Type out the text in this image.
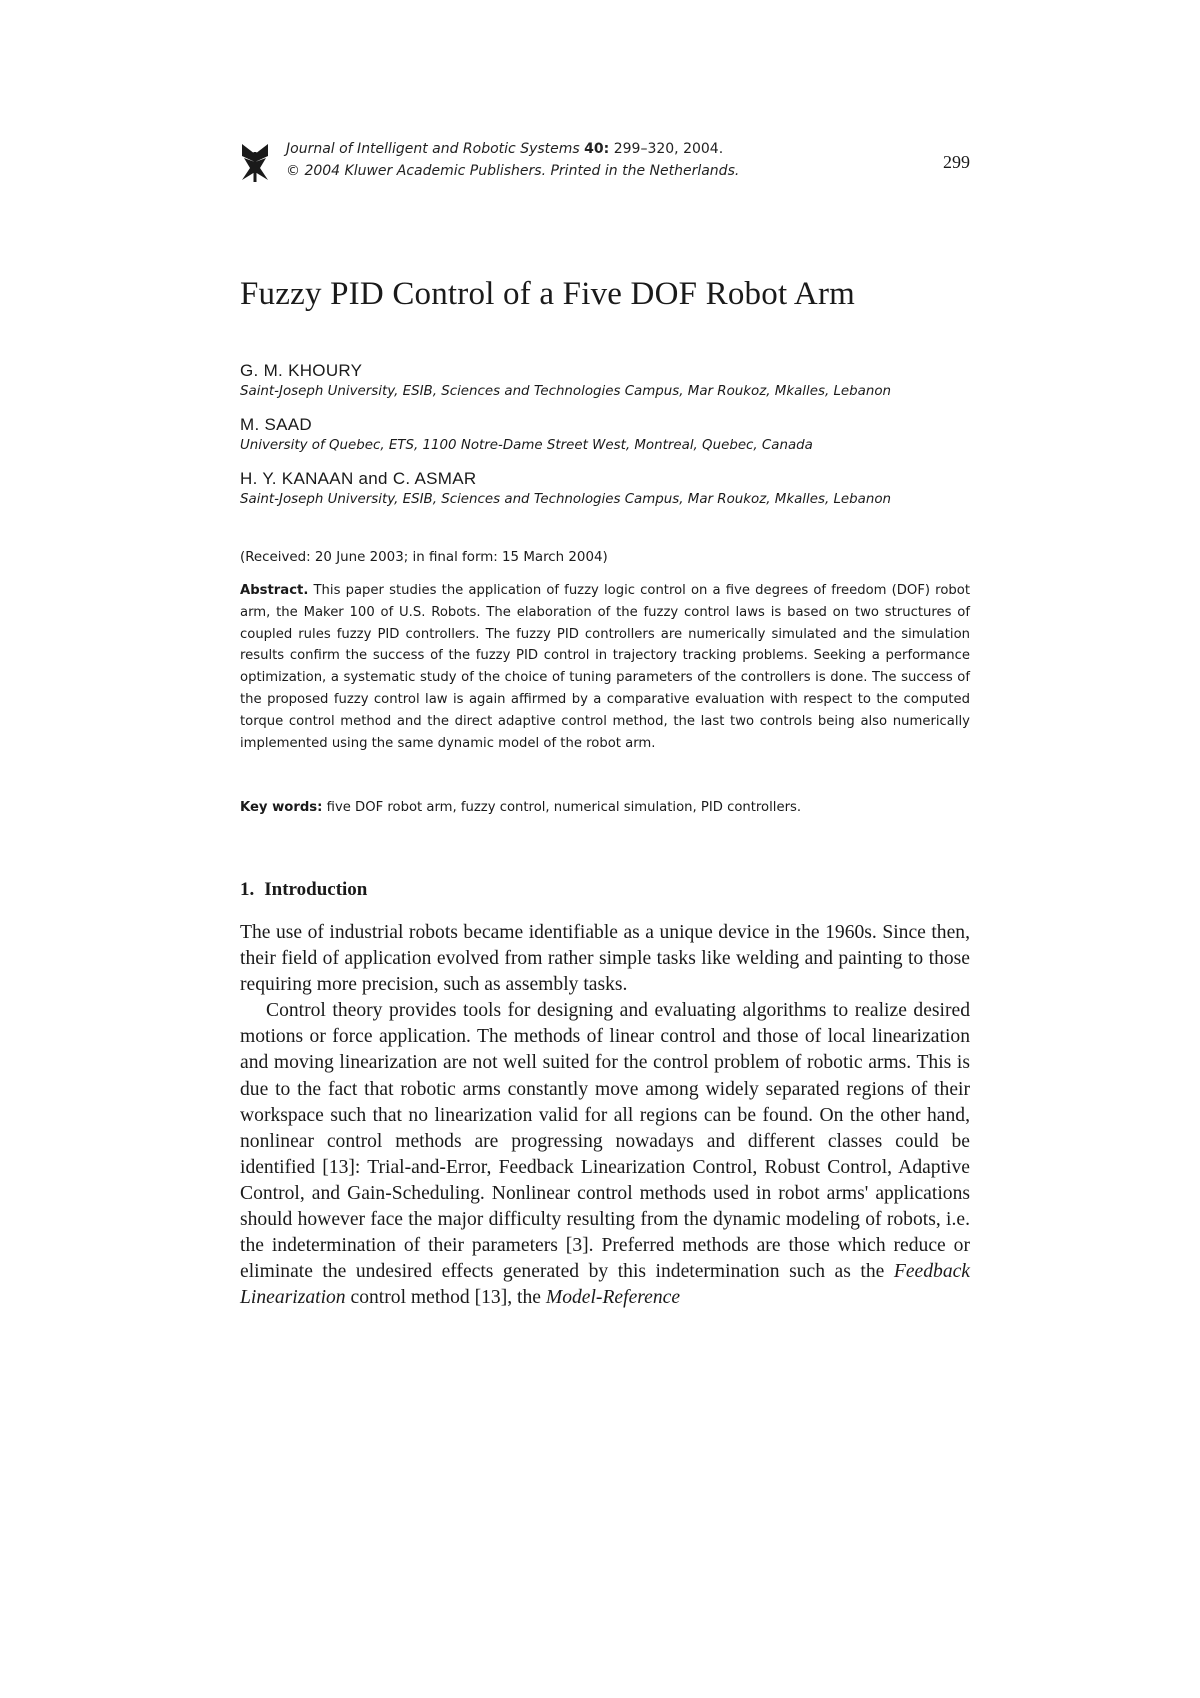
Journal of Intelligent and Robotic Systems 40: 299–320, 2004.
© 2004 Kluwer Academic Publishers. Printed in the Netherlands.	299
Fuzzy PID Control of a Five DOF Robot Arm
G. M. KHOURY
Saint-Joseph University, ESIB, Sciences and Technologies Campus, Mar Roukoz, Mkalles, Lebanon
M. SAAD
University of Quebec, ETS, 1100 Notre-Dame Street West, Montreal, Quebec, Canada
H. Y. KANAAN and C. ASMAR
Saint-Joseph University, ESIB, Sciences and Technologies Campus, Mar Roukoz, Mkalles, Lebanon
(Received: 20 June 2003; in final form: 15 March 2004)
Abstract. This paper studies the application of fuzzy logic control on a five degrees of freedom (DOF) robot arm, the Maker 100 of U.S. Robots. The elaboration of the fuzzy control laws is based on two structures of coupled rules fuzzy PID controllers. The fuzzy PID controllers are numerically simulated and the simulation results confirm the success of the fuzzy PID control in trajectory tracking problems. Seeking a performance optimization, a systematic study of the choice of tuning parameters of the controllers is done. The success of the proposed fuzzy control law is again affirmed by a comparative evaluation with respect to the computed torque control method and the direct adaptive control method, the last two controls being also numerically implemented using the same dynamic model of the robot arm.
Key words: five DOF robot arm, fuzzy control, numerical simulation, PID controllers.
1. Introduction

The use of industrial robots became identifiable as a unique device in the 1960s. Since then, their field of application evolved from rather simple tasks like welding and painting to those requiring more precision, such as assembly tasks.

Control theory provides tools for designing and evaluating algorithms to realize desired motions or force application. The methods of linear control and those of local linearization and moving linearization are not well suited for the control problem of robotic arms. This is due to the fact that robotic arms constantly move among widely separated regions of their workspace such that no linearization valid for all regions can be found. On the other hand, nonlinear control methods are progressing nowadays and different classes could be identified [13]: Trial-and-Error, Feedback Linearization Control, Robust Control, Adaptive Control, and Gain-Scheduling. Nonlinear control methods used in robot arms' applications should however face the major difficulty resulting from the dynamic modeling of robots, i.e. the indetermination of their parameters [3]. Preferred methods are those which reduce or eliminate the undesired effects generated by this indetermination such as the Feedback Linearization control method [13], the Model-Reference
